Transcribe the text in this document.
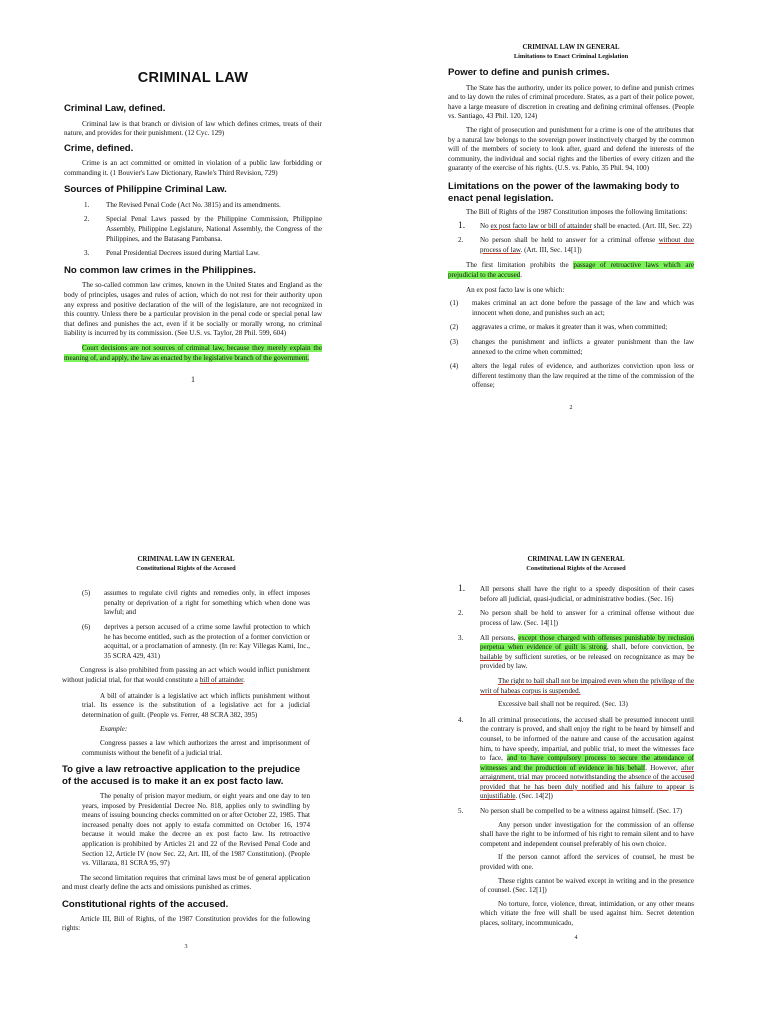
CRIMINAL LAW

Criminal Law, defined.

Criminal law is that branch or division of law which defines crimes, treats of their nature, and provides for their punishment. (12 Cyc. 129)

Crime, defined.

Crime is an act committed or omitted in violation of a public law forbidding or commanding it. (1 Bouvier's Law Dictionary, Rawle's Third Revision, 729)

Sources of Philippine Criminal Law.

1.	The Revised Penal Code (Act No. 3815) and its amendments.
2.	Special Penal Laws passed by the Philippine Commission, Philippine Assembly, Philippine Legislature, National Assembly, the Congress of the Philippines, and the Batasang Pambansa.
3.	Penal Presidential Decrees issued during Martial Law.

No common law crimes in the Philippines.

The so-called common law crimes, known in the United States and England as the body of principles, usages and rules of action, which do not rest for their authority upon any express and positive declaration of the will of the legislature, are not recognized in this country. Unless there be a particular provision in the penal code or special penal law that defines and punishes the act, even if it be socially or morally wrong, no criminal liability is incurred by its commission. (See U.S. vs. Taylor, 28 Phil. 599, 604)

Court decisions are not sources of criminal law, because they merely explain the meaning of, and apply, the law as enacted by the legislative branch of the government.

1

CRIMINAL LAW IN GENERAL

Limitations to Enact Criminal Legislation

Power to define and punish crimes.

The State has the authority, under its police power, to define and punish crimes and to lay down the rules of criminal procedure. States, as a part of their police power, have a large measure of discretion in creating and defining criminal offenses. (People vs. Santiago, 43 Phil. 120, 124)

The right of prosecution and punishment for a crime is one of the attributes that by a natural law belongs to the sovereign power instinctively charged by the common will of the members of society to look after, guard and defend the interests of the community, the individual and social rights and the liberties of every citizen and the guaranty of the exercise of his rights. (U.S. vs. Pablo, 35 Phil. 94, 100)

Limitations on the power of the lawmaking body to enact penal legislation.

The Bill of Rights of the 1987 Constitution imposes the following limitations:

1.	No ex post facto law or bill of attainder shall be enacted. (Art. III, Sec. 22)
2.	No person shall be held to answer for a criminal offense without due process of law. (Art. III, Sec. 14[1])

The first limitation prohibits the passage of retroactive laws which are prejudicial to the accused.

An ex post facto law is one which:

(1)	makes criminal an act done before the passage of the law and which was innocent when done, and punishes such an act;
(2)	aggravates a crime, or makes it greater than it was, when committed;
(3)	changes the punishment and inflicts a greater punishment than the law annexed to the crime when committed;
(4)	alters the legal rules of evidence, and authorizes conviction upon less or different testimony than the law required at the time of the commission of the offense;

2

CRIMINAL LAW IN GENERAL

Constitutional Rights of the Accused

(5)	assumes to regulate civil rights and remedies only, in effect imposes penalty or deprivation of a right for something which when done was lawful; and
(6)	deprives a person accused of a crime some lawful protection to which he has become entitled, such as the protection of a former conviction or acquittal, or a proclamation of amnesty. (In re: Kay Villegas Kami, Inc., 35 SCRA 429, 431)

Congress is also prohibited from passing an act which would inflict punishment without judicial trial, for that would constitute a bill of attainder.

A bill of attainder is a legislative act which inflicts punishment without trial. Its essence is the substitution of a legislative act for a judicial determination of guilt. (People vs. Ferrer, 48 SCRA 382, 395)

Example:

Congress passes a law which authorizes the arrest and imprisonment of communists without the benefit of a judicial trial.

To give a law retroactive application to the prejudice of the accused is to make it an ex post facto law.

The penalty of prision mayor medium, or eight years and one day to ten years, imposed by Presidential Decree No. 818, applies only to swindling by means of issuing bouncing checks committed on or after October 22, 1985. That increased penalty does not apply to estafa committed on October 16, 1974 because it would make the decree an ex post facto law. Its retroactive application is prohibited by Articles 21 and 22 of the Revised Penal Code and Section 12, Article IV (now Sec. 22, Art. III, of the 1987 Constitution). (People vs. Villaraza, 81 SCRA 95, 97)

The second limitation requires that criminal laws must be of general application and must clearly define the acts and omissions punished as crimes.

Constitutional rights of the accused.

Article III, Bill of Rights, of the 1987 Constitution provides for the following rights:

3

CRIMINAL LAW IN GENERAL

Constitutional Rights of the Accused

1.	All persons shall have the right to a speedy disposition of their cases before all judicial, quasi-judicial, or administrative bodies. (Sec. 16)
2.	No person shall be held to answer for a criminal offense without due process of law. (Sec. 14[1])
3.	All persons, except those charged with offenses punishable by reclusion perpetua when evidence of guilt is strong, shall, before conviction, be bailable by sufficient sureties, or be released on recognizance as may be provided by law.

The right to bail shall not be impaired even when the privilege of the writ of habeas corpus is suspended.

Excessive bail shall not be required. (Sec. 13)

4.	In all criminal prosecutions, the accused shall be presumed innocent until the contrary is proved, and shall enjoy the right to be heard by himself and counsel, to be informed of the nature and cause of the accusation against him, to have speedy, impartial, and public trial, to meet the witnesses face to face, and to have compulsory process to secure the attendance of witnesses and the production of evidence in his behalf. However, after arraignment, trial may proceed notwithstanding the absence of the accused provided that he has been duly notified and his failure to appear is unjustifiable. (Sec. 14[2])
5.	No person shall be compelled to be a witness against himself. (Sec. 17)

Any person under investigation for the commission of an offense shall have the right to be informed of his right to remain silent and to have competent and independent counsel preferably of his own choice.

If the person cannot afford the services of counsel, he must be provided with one.

These rights cannot be waived except in writing and in the presence of counsel. (Sec. 12[1])

No torture, force, violence, threat, intimidation, or any other means which vitiate the free will shall be used against him. Secret detention places, solitary, incommunicado,

4
